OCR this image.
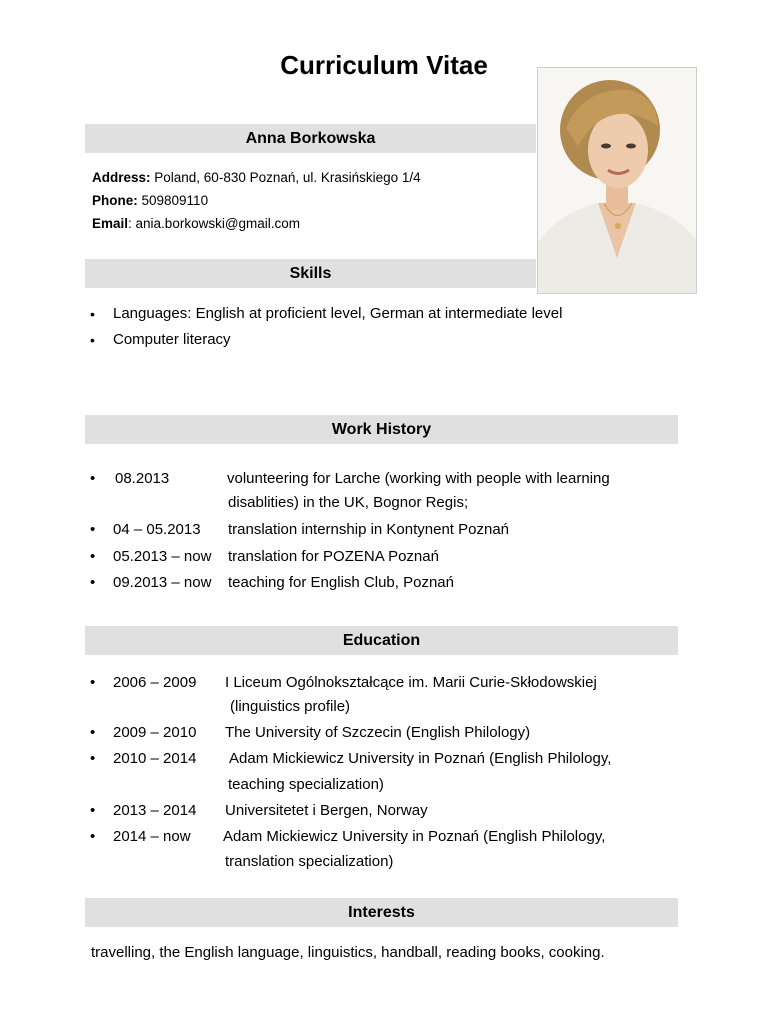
Curriculum Vitae
Anna Borkowska
Address: Poland, 60-830 Poznań, ul. Krasińskiego 1/4
Phone: 509809110
Email: ania.borkowski@gmail.com
Skills
• Languages: English at proficient level, German at intermediate level
• Computer literacy
Work History
• 08.2013	volunteering for Larche (working with people with learning
disablities) in the UK, Bognor Regis;
• 04 – 05.2013 translation internship in Kontynent Poznań
• 05.2013 – now translation for POZENA Poznań
• 09.2013 – now teaching for English Club, Poznań
Education
• 2006 – 2009 I Liceum Ogólnokształcące im. Marii Curie-Skłodowskiej
(linguistics profile)
• 2009 – 2010 The University of Szczecin (English Philology)
• 2010 – 2014 Adam Mickiewicz University in Poznań (English Philology,
teaching specialization)
• 2013 – 2014 Universitetet i Bergen, Norway
• 2014 – now Adam Mickiewicz University in Poznań (English Philology,
translation specialization)
Interests
travelling, the English language, linguistics, handball, reading books, cooking.
